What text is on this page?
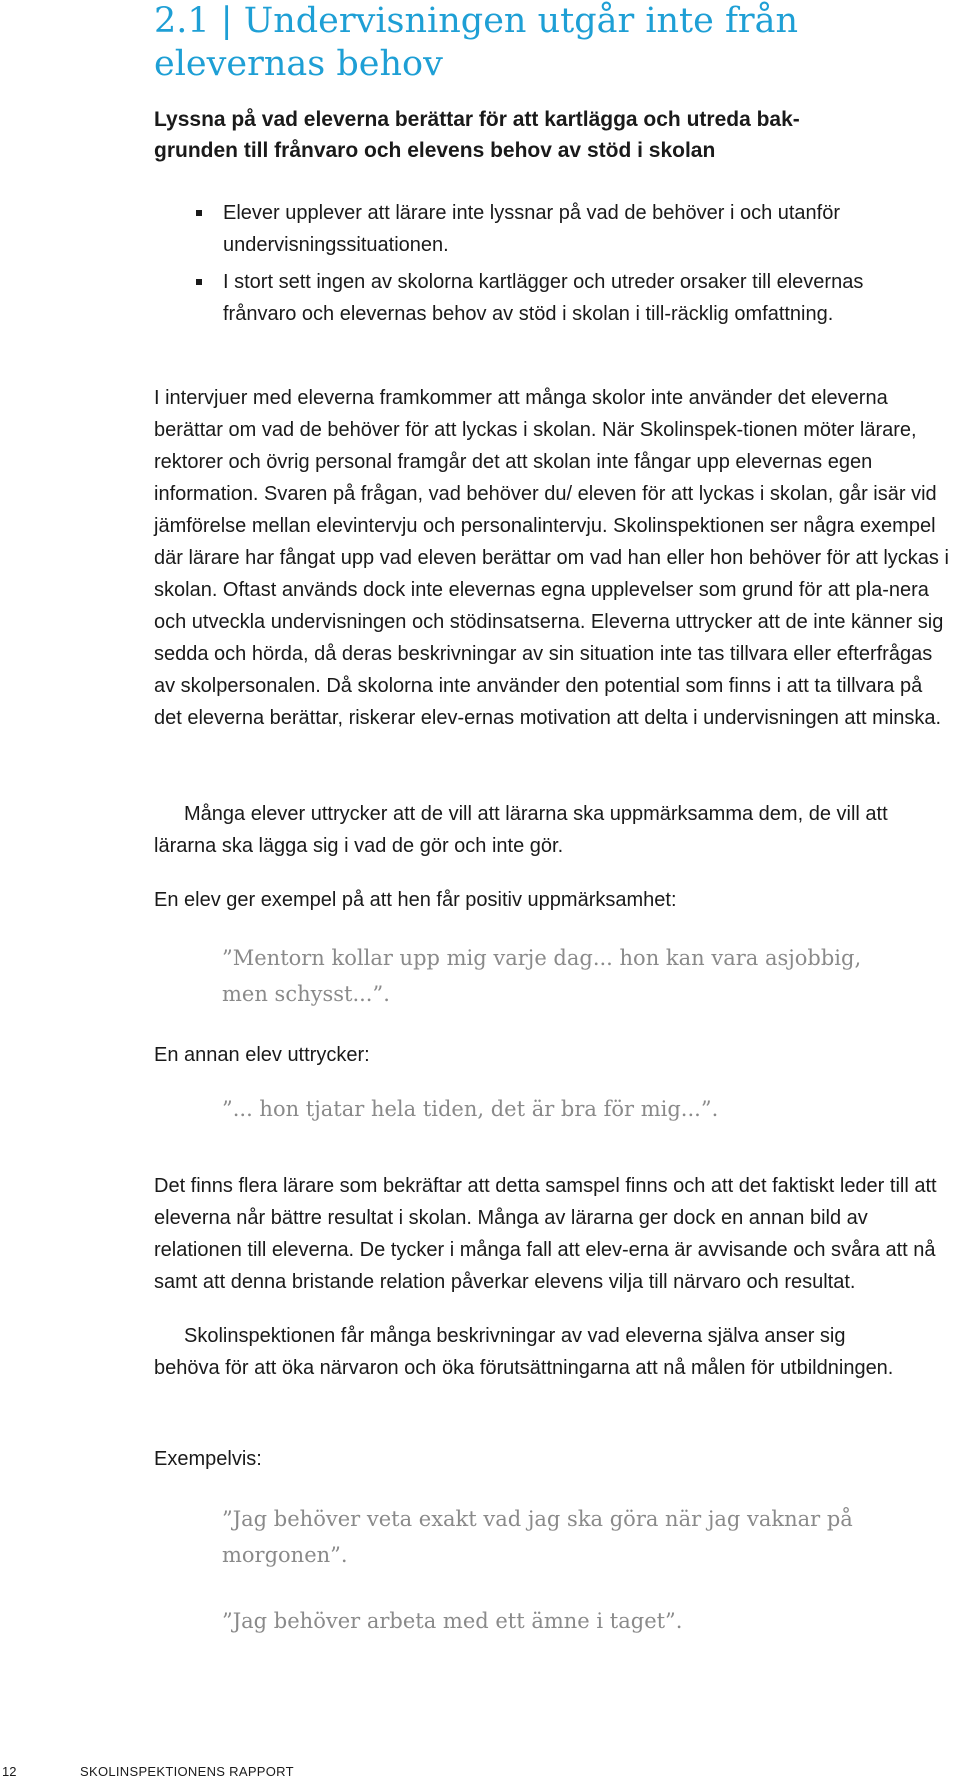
2.1 | Undervisningen utgår inte från elevernas behov

Lyssna på vad eleverna berättar för att kartlägga och utreda bak-grunden till frånvaro och elevens behov av stöd i skolan

Elever upplever att lärare inte lyssnar på vad de behöver i och utanför undervisningssituationen.
I stort sett ingen av skolorna kartlägger och utreder orsaker till elevernas frånvaro och elevernas behov av stöd i skolan i till-räcklig omfattning.

I intervjuer med eleverna framkommer att många skolor inte använder det eleverna berättar om vad de behöver för att lyckas i skolan. När Skolinspek-tionen möter lärare, rektorer och övrig personal framgår det att skolan inte fångar upp elevernas egen information. Svaren på frågan, vad behöver du/ eleven för att lyckas i skolan, går isär vid jämförelse mellan elevintervju och personalintervju. Skolinspektionen ser några exempel där lärare har fångat upp vad eleven berättar om vad han eller hon behöver för att lyckas i skolan. Oftast används dock inte elevernas egna upplevelser som grund för att pla-nera och utveckla undervisningen och stödinsatserna. Eleverna uttrycker att de inte känner sig sedda och hörda, då deras beskrivningar av sin situation inte tas tillvara eller efterfrågas av skolpersonalen. Då skolorna inte använder den potential som finns i att ta tillvara på det eleverna berättar, riskerar elev-ernas motivation att delta i undervisningen att minska.

Många elever uttrycker att de vill att lärarna ska uppmärksamma dem, de vill att lärarna ska lägga sig i vad de gör och inte gör.

En elev ger exempel på att hen får positiv uppmärksamhet:

”Mentorn kollar upp mig varje dag... hon kan vara asjobbig, men schysst...”.

En annan elev uttrycker:

”... hon tjatar hela tiden, det är bra för mig...”.

Det finns flera lärare som bekräftar att detta samspel finns och att det faktiskt leder till att eleverna når bättre resultat i skolan. Många av lärarna ger dock en annan bild av relationen till eleverna. De tycker i många fall att elev-erna är avvisande och svåra att nå samt att denna bristande relation påverkar elevens vilja till närvaro och resultat.

Skolinspektionen får många beskrivningar av vad eleverna själva anser sig behöva för att öka närvaron och öka förutsättningarna att nå målen för utbildningen.

Exempelvis:

”Jag behöver veta exakt vad jag ska göra när jag vaknar på morgonen”.

”Jag behöver arbeta med ett ämne i taget”.

12	SKOLINSPEKTIONENS RAPPORT
